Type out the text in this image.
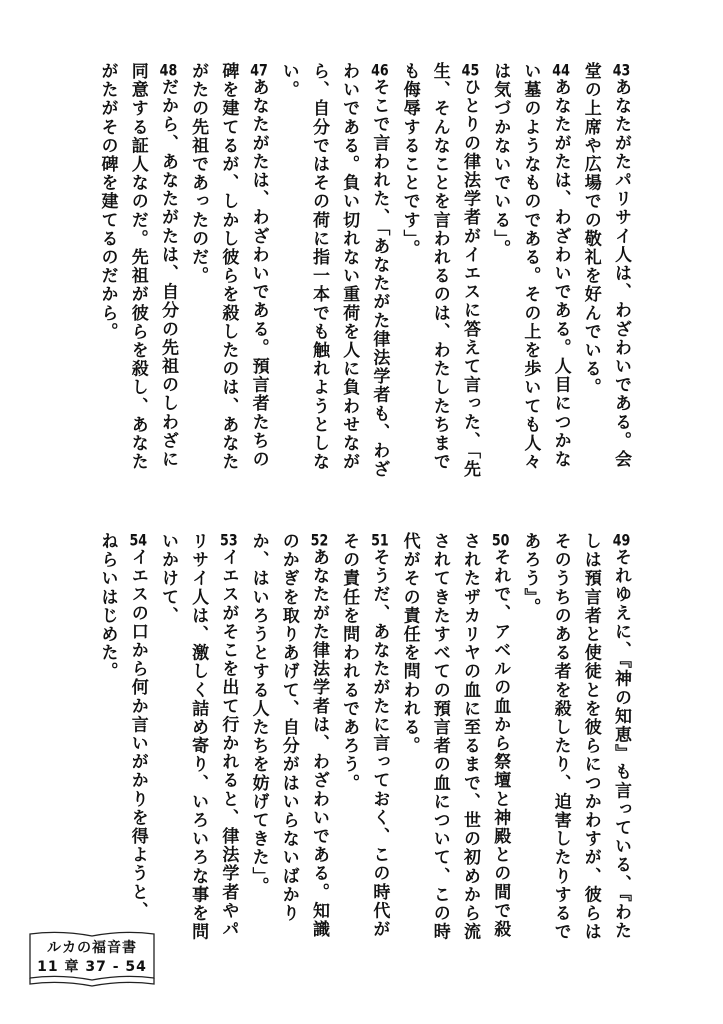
43あなたがたパリサイ人は、わざわいである。会
堂の上席や広場での敬礼を好んでいる。
44あなたがたは、わざわいである。人目につかな
い墓のようなものである。その上を歩いても人々
は気づかないでいる」。
45ひとりの律法学者がイエスに答えて言った、「先
生、そんなことを言われるのは、わたしたちまで
も侮辱することです」。
46そこで言われた、「あなたがた律法学者も、わざ
わいである。負い切れない重荷を人に負わせなが
ら、自分ではその荷に指一本でも触れようとしな
い。
47あなたがたは、わざわいである。預言者たちの
碑を建てるが、しかし彼らを殺したのは、あなた
がたの先祖であったのだ。
48だから、あなたがたは、自分の先祖のしわざに
同意する証人なのだ。先祖が彼らを殺し、あなた
がたがその碑を建てるのだから。
49それゆえに、『神の知恵』も言っている、『わた
しは預言者と使徒とを彼らにつかわすが、彼らは
そのうちのある者を殺したり、迫害したりするで
あろう』。
50それで、アベルの血から祭壇と神殿との間で殺
されたザカリヤの血に至るまで、世の初めから流
されてきたすべての預言者の血について、この時
代がその責任を問われる。
51そうだ、あなたがたに言っておく、この時代が
その責任を問われるであろう。
52あなたがた律法学者は、わざわいである。知識
のかぎを取りあげて、自分がはいらないばかり
か、はいろうとする人たちを妨げてきた」。
53イエスがそこを出て行かれると、律法学者やパ
リサイ人は、激しく詰め寄り、いろいろな事を問
いかけて、
54イエスの口から何か言いがかりを得ようと、
ねらいはじめた。
ルカの福音書
11 章 37 - 54
